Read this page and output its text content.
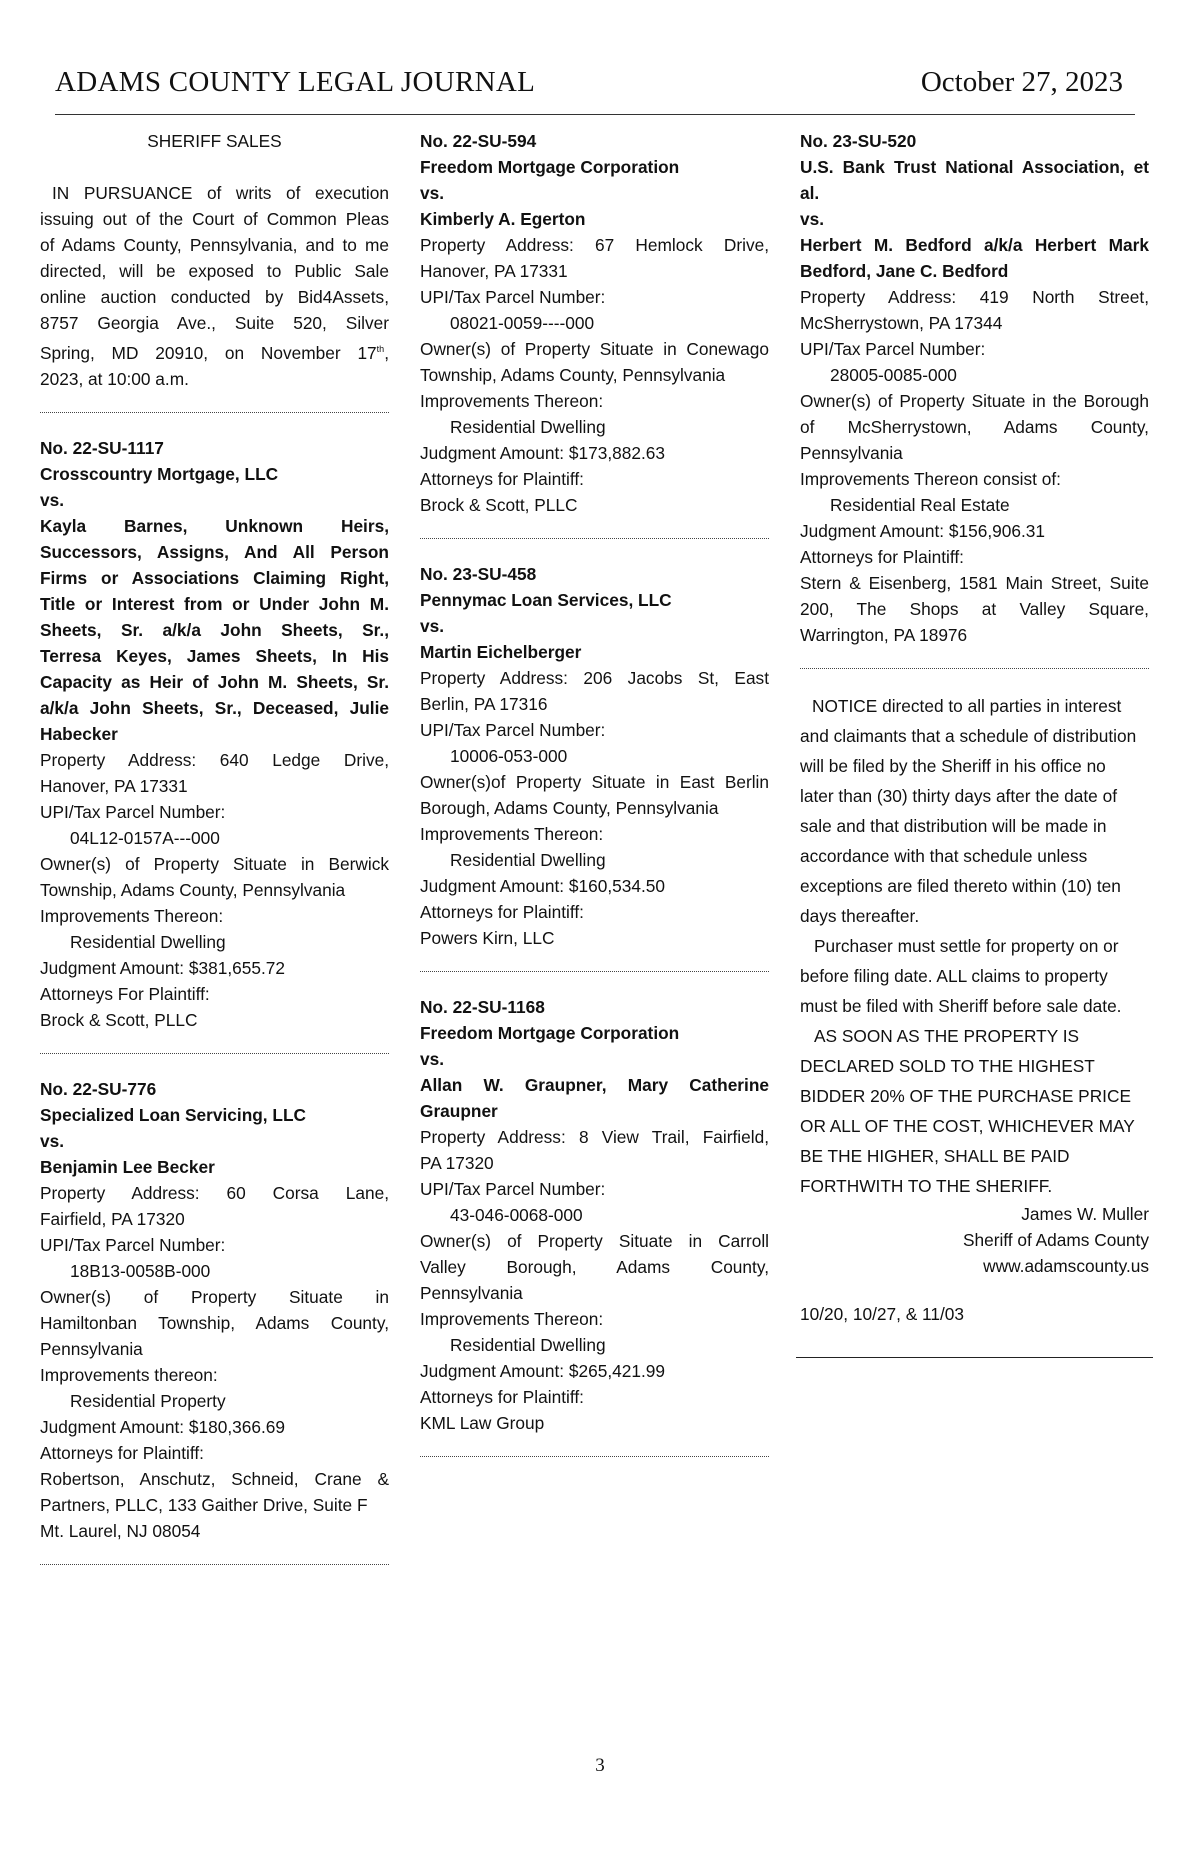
ADAMS COUNTY LEGAL JOURNAL	October 27, 2023
SHERIFF SALES
IN PURSUANCE of writs of execution
issuing out of the Court of Common Pleas
of Adams County, Pennsylvania, and to me
directed, will be exposed to Public Sale
online auction conducted by Bid4Assets,
8757 Georgia Ave., Suite 520, Silver
Spring, MD 20910, on November 17th,
2023, at 10:00 a.m.
No. 22-SU-1117
Crosscountry Mortgage, LLC
vs.
Kayla Barnes, Unknown Heirs,
Successors, Assigns, And All Person
Firms or Associations Claiming Right,
Title or Interest from or Under John M.
Sheets, Sr. a/k/a John Sheets, Sr.,
Terresa Keyes, James Sheets, In His
Capacity as Heir of John M. Sheets, Sr.
a/k/a John Sheets, Sr., Deceased, Julie
Habecker
Property Address: 640 Ledge Drive,
Hanover, PA 17331
UPI/Tax Parcel Number:
04L12-0157A---000
Owner(s) of Property Situate in Berwick
Township, Adams County, Pennsylvania
Improvements Thereon:
Residential Dwelling
Judgment Amount: $381,655.72
Attorneys For Plaintiff:
Brock & Scott, PLLC
No. 22-SU-776
Specialized Loan Servicing, LLC
vs.
Benjamin Lee Becker
Property Address: 60 Corsa Lane,
Fairfield, PA 17320
UPI/Tax Parcel Number:
18B13-0058B-000
Owner(s) of Property Situate in
Hamiltonban Township, Adams County,
Pennsylvania
Improvements thereon:
Residential Property
Judgment Amount: $180,366.69
Attorneys for Plaintiff:
Robertson, Anschutz, Schneid, Crane &
Partners, PLLC, 133 Gaither Drive, Suite F
Mt. Laurel, NJ 08054
No. 22-SU-594
Freedom Mortgage Corporation
vs.
Kimberly A. Egerton
Property Address: 67 Hemlock Drive,
Hanover, PA 17331
UPI/Tax Parcel Number:
08021-0059----000
Owner(s) of Property Situate in Conewago
Township, Adams County, Pennsylvania
Improvements Thereon:
Residential Dwelling
Judgment Amount: $173,882.63
Attorneys for Plaintiff:
Brock & Scott, PLLC
No. 23-SU-458
Pennymac Loan Services, LLC
vs.
Martin Eichelberger
Property Address: 206 Jacobs St, East
Berlin, PA 17316
UPI/Tax Parcel Number:
10006-053-000
Owner(s)of Property Situate in East Berlin
Borough, Adams County, Pennsylvania
Improvements Thereon:
Residential Dwelling
Judgment Amount: $160,534.50
Attorneys for Plaintiff:
Powers Kirn, LLC
No. 22-SU-1168
Freedom Mortgage Corporation
vs.
Allan W. Graupner, Mary Catherine
Graupner
Property Address: 8 View Trail, Fairfield,
PA 17320
UPI/Tax Parcel Number:
43-046-0068-000
Owner(s) of Property Situate in Carroll
Valley Borough, Adams County,
Pennsylvania
Improvements Thereon:
Residential Dwelling
Judgment Amount: $265,421.99
Attorneys for Plaintiff:
KML Law Group
No. 23-SU-520
U.S. Bank Trust National Association, et
al.
vs.
Herbert M. Bedford a/k/a Herbert Mark
Bedford, Jane C. Bedford
Property Address: 419 North Street,
McSherrystown, PA 17344
UPI/Tax Parcel Number:
28005-0085-000
Owner(s) of Property Situate in the Borough
of McSherrystown, Adams County,
Pennsylvania
Improvements Thereon consist of:
Residential Real Estate
Judgment Amount: $156,906.31
Attorneys for Plaintiff:
Stern & Eisenberg, 1581 Main Street, Suite
200, The Shops at Valley Square,
Warrington, PA 18976
NOTICE directed to all parties in interest
and claimants that a schedule of distribution
will be filed by the Sheriff in his office no
later than (30) thirty days after the date of
sale and that distribution will be made in
accordance with that schedule unless
exceptions are filed thereto within (10) ten
days thereafter.
Purchaser must settle for property on or
before filing date. ALL claims to property
must be filed with Sheriff before sale date.
AS SOON AS THE PROPERTY IS
DECLARED SOLD TO THE HIGHEST
BIDDER 20% OF THE PURCHASE PRICE
OR ALL OF THE COST, WHICHEVER MAY
BE THE HIGHER, SHALL BE PAID
FORTHWITH TO THE SHERIFF.
James W. Muller
Sheriff of Adams County
www.adamscounty.us
10/20, 10/27, & 11/03
3
